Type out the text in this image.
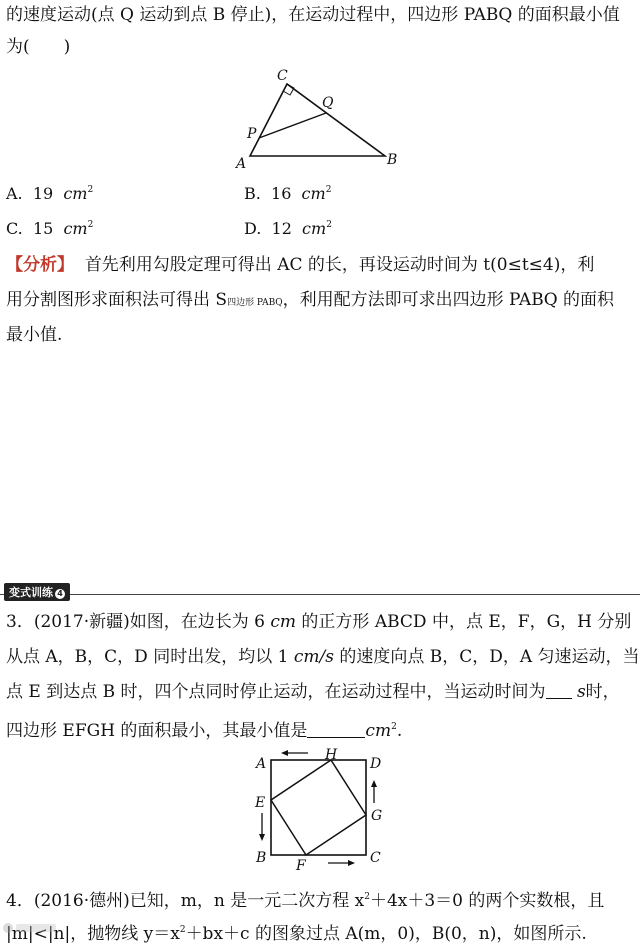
的速度运动(点 Q 运动到点 B 停止)，在运动过程中，四边形 PABQ 的面积最小值
为(　　)
C
Q
P
A	B
A. 19 $cm^2$	B. 16 $cm^2$
C. 15 $cm^2$	D. 12 $cm^2$
【分析】 首先利用勾股定理可得出 AC 的长，再设运动时间为 t(0≤t≤4)，利
用分割图形求面积法可得出 S四边形 PABQ，利用配方法即可求出四边形 PABQ 的面积
最小值.
变式训练 4
3．(2017·新疆)如图，在边长为 6 cm 的正方形 ABCD 中，点 E，F，G，H 分别
从点 A，B，C，D 同时出发，均以 1 cm/s 的速度向点 B，C，D，A 匀速运动，当
点 E 到达点 B 时，四个点同时停止运动，在运动过程中，当运动时间为 s时，
四边形 EFGH 的面积最小，其最小值是	$cm^2$.
A
H
D
E
G
B F	C
4．(2016·德州)已知，m，n 是一元二次方程 $x^2+4x+3=0$ 的两个实数根，且
|m|<|n|，抛物线 $y=x^2+bx+c$ 的图象过点 A(m，0)，B(0，n)，如图所示.
